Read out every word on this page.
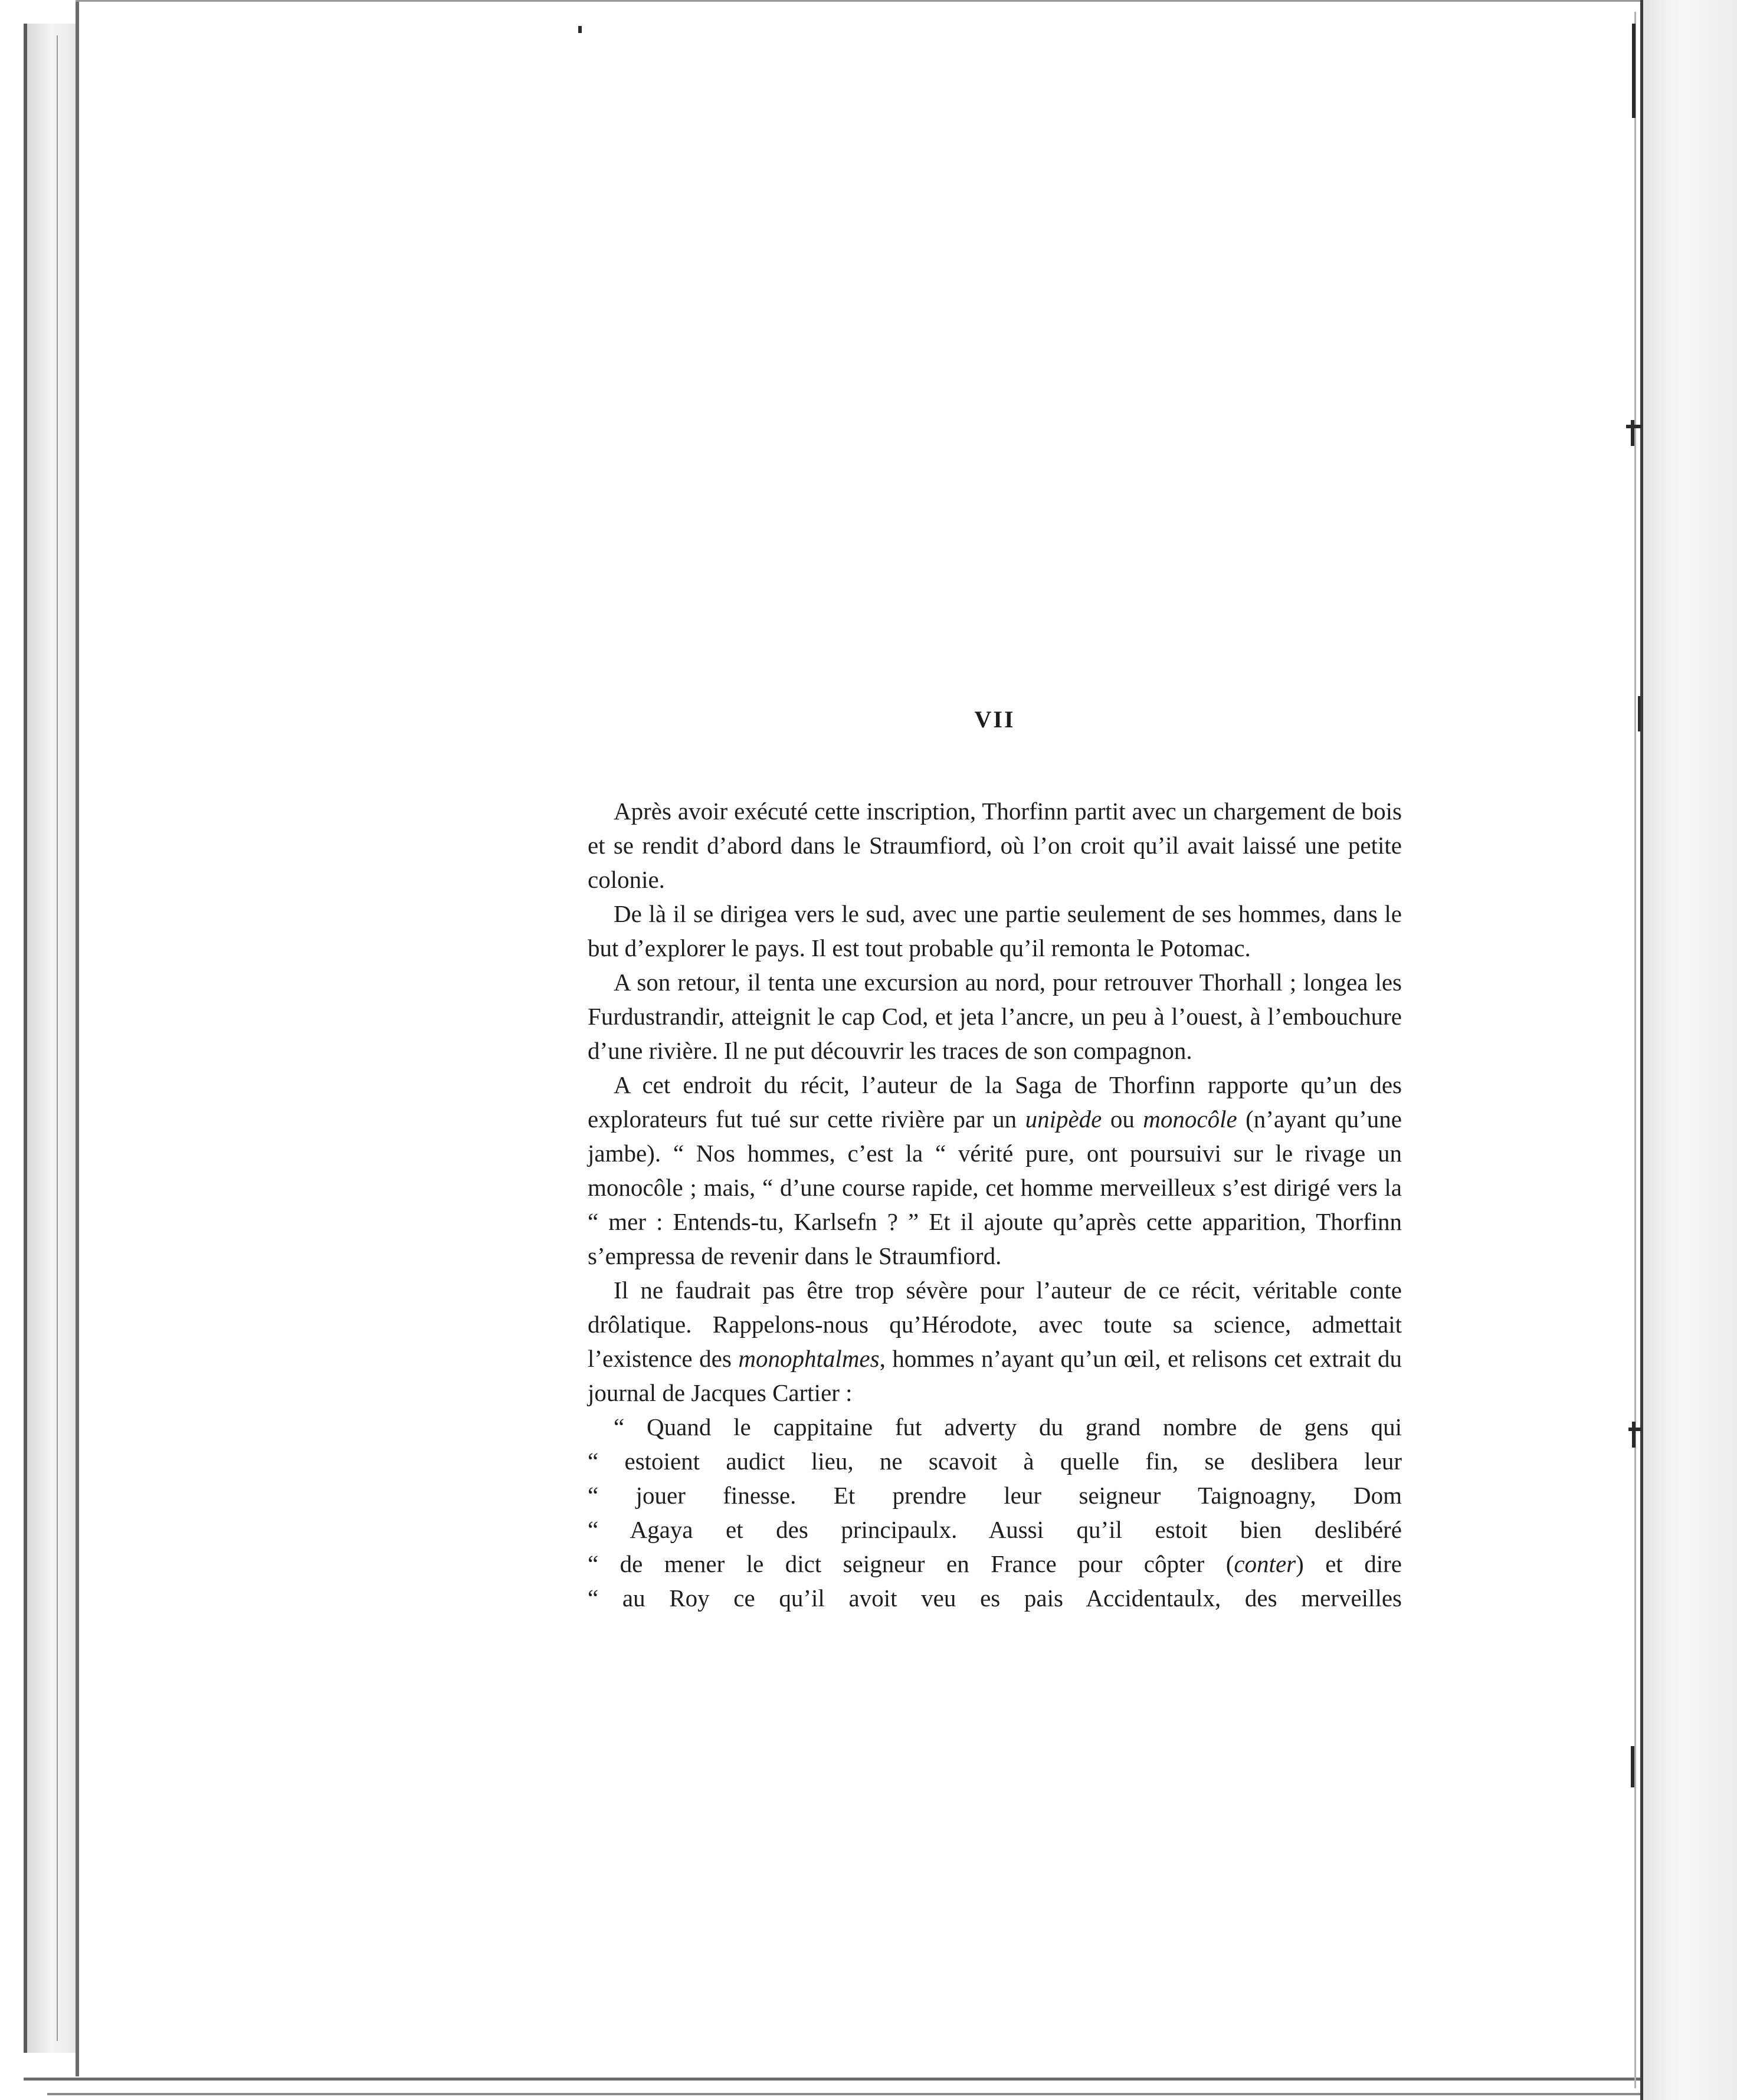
VII

Après avoir exécuté cette inscription, Thorfinn partit avec un chargement de bois et se rendit d’abord dans le Straumfiord, où l’on croit qu’il avait laissé une petite colonie.

De là il se dirigea vers le sud, avec une partie seulement de ses hommes, dans le but d’explorer le pays. Il est tout probable qu’il remonta le Potomac.

A son retour, il tenta une excursion au nord, pour retrouver Thorhall ; longea les Furdustrandir, atteignit le cap Cod, et jeta l’ancre, un peu à l’ouest, à l’embouchure d’une rivière. Il ne put découvrir les traces de son compagnon.

A cet endroit du récit, l’auteur de la Saga de Thorfinn rapporte qu’un des explorateurs fut tué sur cette rivière par un unipède ou monocôle (n’ayant qu’une jambe). “ Nos hommes, c’est la “ vérité pure, ont poursuivi sur le rivage un monocôle ; mais, “ d’une course rapide, cet homme merveilleux s’est dirigé vers la “ mer : Entends-tu, Karlsefn ? ” Et il ajoute qu’après cette apparition, Thorfinn s’empressa de revenir dans le Straumfiord.

Il ne faudrait pas être trop sévère pour l’auteur de ce récit, véritable conte drôlatique. Rappelons-nous qu’Hérodote, avec toute sa science, admettait l’existence des monophtalmes, hommes n’ayant qu’un œil, et relisons cet extrait du journal de Jacques Cartier :

“ Quand le cappitaine fut adverty du grand nombre de gens qui

“ estoient audict lieu, ne scavoit à quelle fin, se deslibera leur

“ jouer finesse. Et prendre leur seigneur Taignoagny, Dom

“ Agaya et des principaulx. Aussi qu’il estoit bien deslibéré

“ de mener le dict seigneur en France pour côpter (conter) et dire

“ au Roy ce qu’il avoit veu es pais Accidentaulx, des merveilles
